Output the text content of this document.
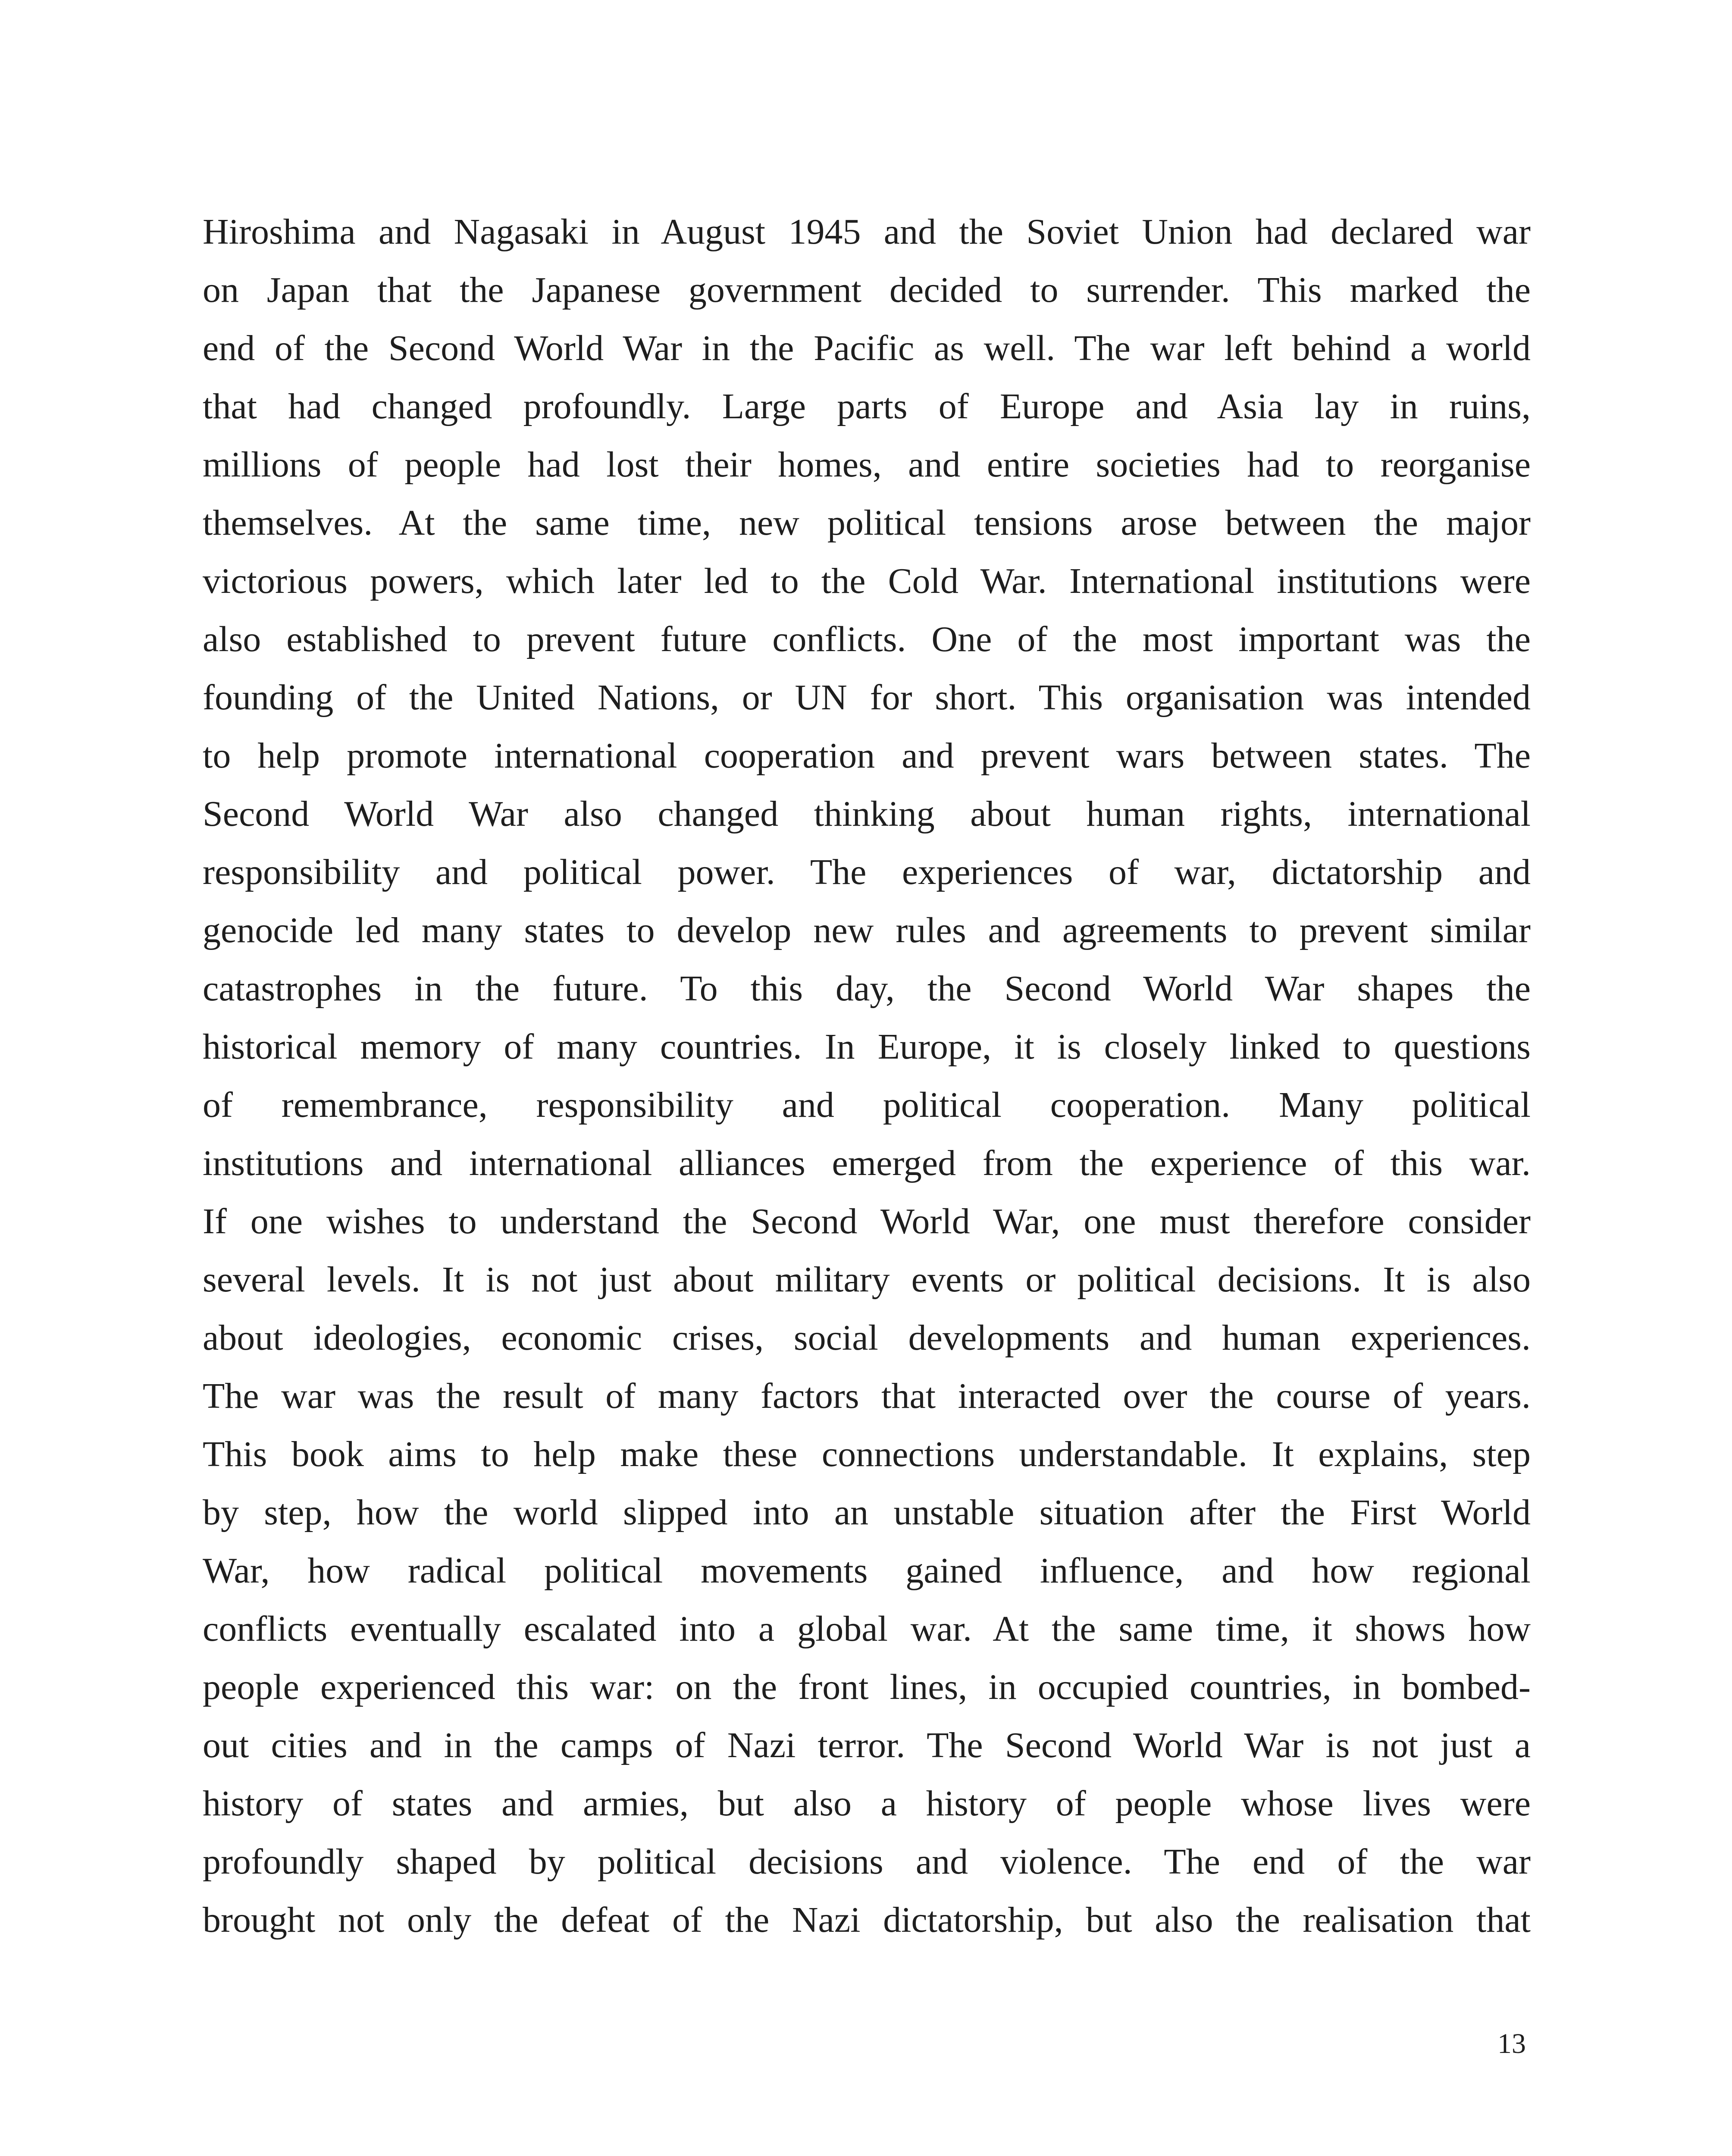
Hiroshima and Nagasaki in August 1945 and the Soviet Union had declared war
on Japan that the Japanese government decided to surrender. This marked the
end of the Second World War in the Pacific as well. The war left behind a world
that had changed profoundly. Large parts of Europe and Asia lay in ruins,
millions of people had lost their homes, and entire societies had to reorganise
themselves. At the same time, new political tensions arose between the major
victorious powers, which later led to the Cold War. International institutions were
also established to prevent future conflicts. One of the most important was the
founding of the United Nations, or UN for short. This organisation was intended
to help promote international cooperation and prevent wars between states. The
Second World War also changed thinking about human rights, international
responsibility and political power. The experiences of war, dictatorship and
genocide led many states to develop new rules and agreements to prevent similar
catastrophes in the future. To this day, the Second World War shapes the
historical memory of many countries. In Europe, it is closely linked to questions
of remembrance, responsibility and political cooperation. Many political
institutions and international alliances emerged from the experience of this war.
If one wishes to understand the Second World War, one must therefore consider
several levels. It is not just about military events or political decisions. It is also
about ideologies, economic crises, social developments and human experiences.
The war was the result of many factors that interacted over the course of years.
This book aims to help make these connections understandable. It explains, step
by step, how the world slipped into an unstable situation after the First World
War, how radical political movements gained influence, and how regional
conflicts eventually escalated into a global war. At the same time, it shows how
people experienced this war: on the front lines, in occupied countries, in bombed-
out cities and in the camps of Nazi terror. The Second World War is not just a
history of states and armies, but also a history of people whose lives were
profoundly shaped by political decisions and violence. The end of the war
brought not only the defeat of the Nazi dictatorship, but also the realisation that
13
